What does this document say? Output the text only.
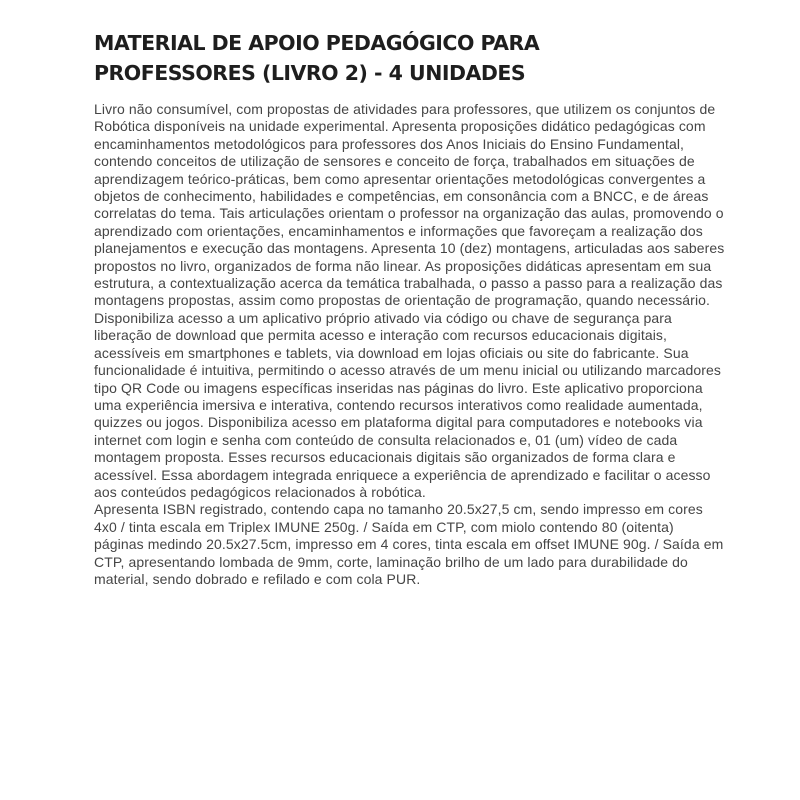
MATERIAL DE APOIO PEDAGÓGICO PARA
PROFESSORES (LIVRO 2) - 4 UNIDADES

Livro não consumível, com propostas de atividades para professores, que utilizem os conjuntos de Robótica disponíveis na unidade experimental. Apresenta proposições didático pedagógicas com encaminhamentos metodológicos para professores dos Anos Iniciais do Ensino Fundamental, contendo conceitos de utilização de sensores e conceito de força, trabalhados em situações de aprendizagem teórico-práticas, bem como apresentar orientações metodológicas convergentes a objetos de conhecimento, habilidades e competências, em consonância com a BNCC, e de áreas correlatas do tema. Tais articulações orientam o professor na organização das aulas, promovendo o aprendizado com orientações, encaminhamentos e informações que favoreçam a realização dos planejamentos e execução das montagens. Apresenta 10 (dez) montagens, articuladas aos saberes propostos no livro, organizados de forma não linear. As proposições didáticas apresentam em sua estrutura, a contextualização acerca da temática trabalhada, o passo a passo para a realização das montagens propostas, assim como propostas de orientação de programação, quando necessário. Disponibiliza acesso a um aplicativo próprio ativado via código ou chave de segurança para liberação de download que permita acesso e interação com recursos educacionais digitais, acessíveis em smartphones e tablets, via download em lojas oficiais ou site do fabricante. Sua funcionalidade é intuitiva, permitindo o acesso através de um menu inicial ou utilizando marcadores tipo QR Code ou imagens específicas inseridas nas páginas do livro. Este aplicativo proporciona uma experiência imersiva e interativa, contendo recursos interativos como realidade aumentada, quizzes ou jogos. Disponibiliza acesso em plataforma digital para computadores e notebooks via internet com login e senha com conteúdo de consulta relacionados e, 01 (um) vídeo de cada montagem proposta. Esses recursos educacionais digitais são organizados de forma clara e acessível. Essa abordagem integrada enriquece a experiência de aprendizado e facilitar o acesso aos conteúdos pedagógicos relacionados à robótica.

Apresenta ISBN registrado, contendo capa no tamanho 20.5x27,5 cm, sendo impresso em cores 4x0 / tinta escala em Triplex IMUNE 250g. / Saída em CTP, com miolo contendo 80 (oitenta) páginas medindo 20.5x27.5cm, impresso em 4 cores, tinta escala em offset IMUNE 90g. / Saída em CTP, apresentando lombada de 9mm, corte, laminação brilho de um lado para durabilidade do material, sendo dobrado e refilado e com cola PUR.
